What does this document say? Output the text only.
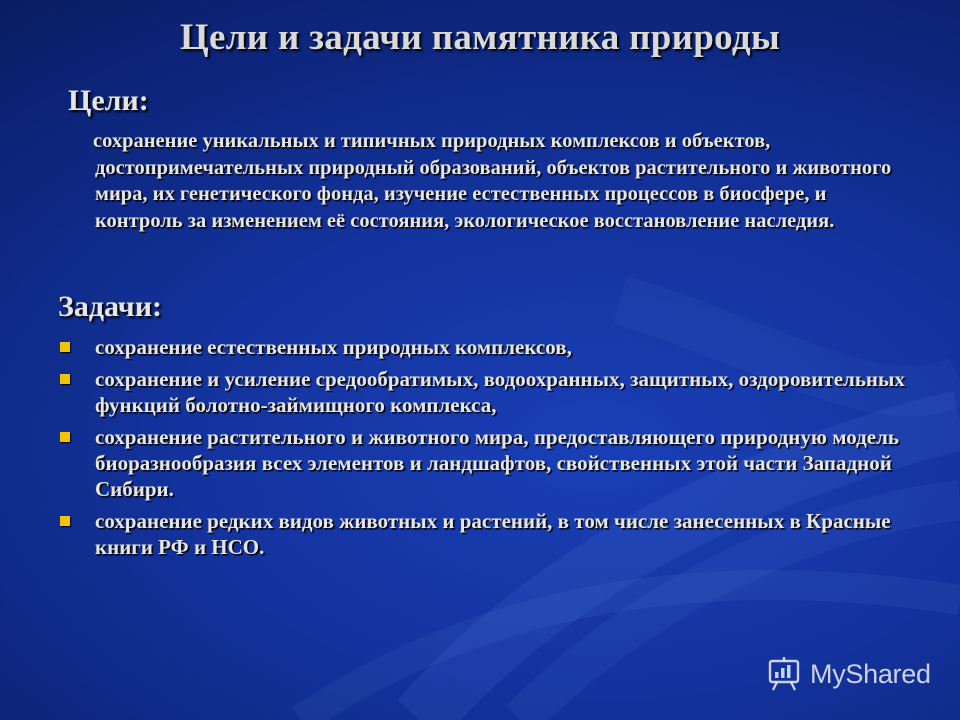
Цели и задачи памятника природы
Цели:
сохранение уникальных и типичных природных комплексов и объектов, достопримечательных природный образований, объектов растительного и животного мира, их генетического фонда, изучение естественных процессов в биосфере, и контроль за изменением её состояния, экологическое восстановление наследия.
Задачи:
сохранение естественных природных комплексов,
сохранение и усиление средообратимых, водоохранных, защитных, оздоровительных функций болотно-займищного комплекса,
сохранение растительного и животного мира, предоставляющего природную модель биоразнообразия всех элементов и ландшафтов, свойственных этой части Западной Сибири.
сохранение редких видов животных и растений, в том числе занесенных в Красные книги РФ и НСО.
MyShared
